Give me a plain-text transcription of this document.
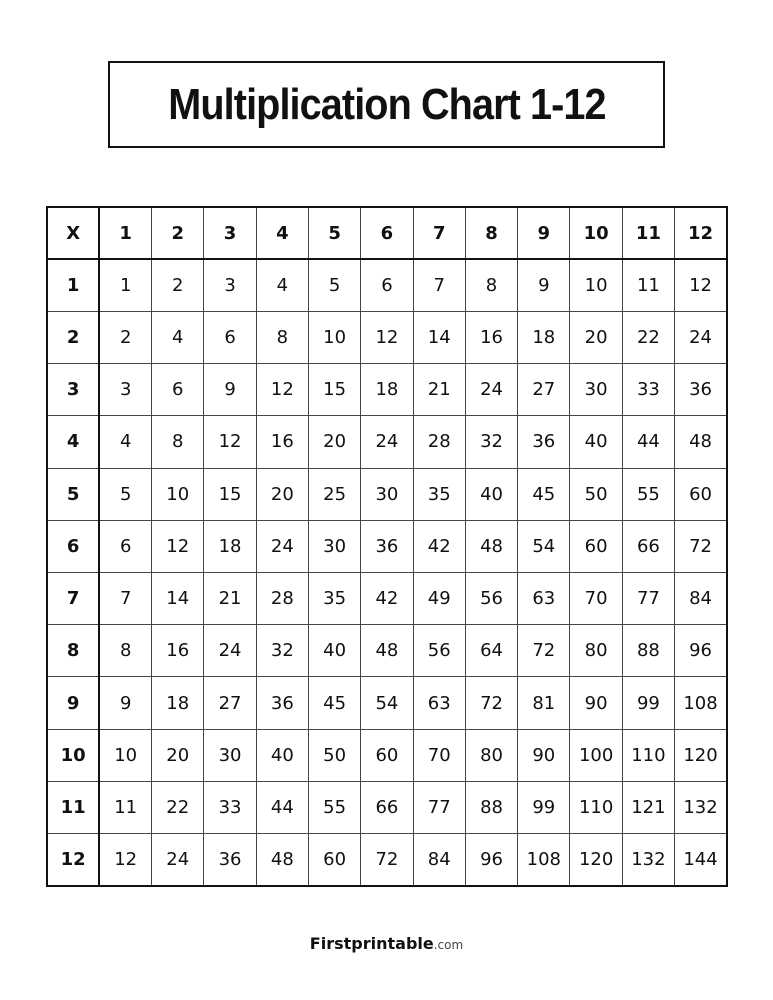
Multiplication Chart 1-12
X	1	2	3	4	5	6	7	8	9	10	11	12
1	1	2	3	4	5	6	7	8	9	10	11	12
2	2	4	6	8	10	12	14	16	18	20	22	24
3	3	6	9	12	15	18	21	24	27	30	33	36
4	4	8	12	16	20	24	28	32	36	40	44	48
5	5	10	15	20	25	30	35	40	45	50	55	60
6	6	12	18	24	30	36	42	48	54	60	66	72
7	7	14	21	28	35	42	49	56	63	70	77	84
8	8	16	24	32	40	48	56	64	72	80	88	96
9	9	18	27	36	45	54	63	72	81	90	99	108
10	10	20	30	40	50	60	70	80	90	100	110	120
11	11	22	33	44	55	66	77	88	99	110	121	132
12	12	24	36	48	60	72	84	96	108	120	132	144
Firstprintable.com
